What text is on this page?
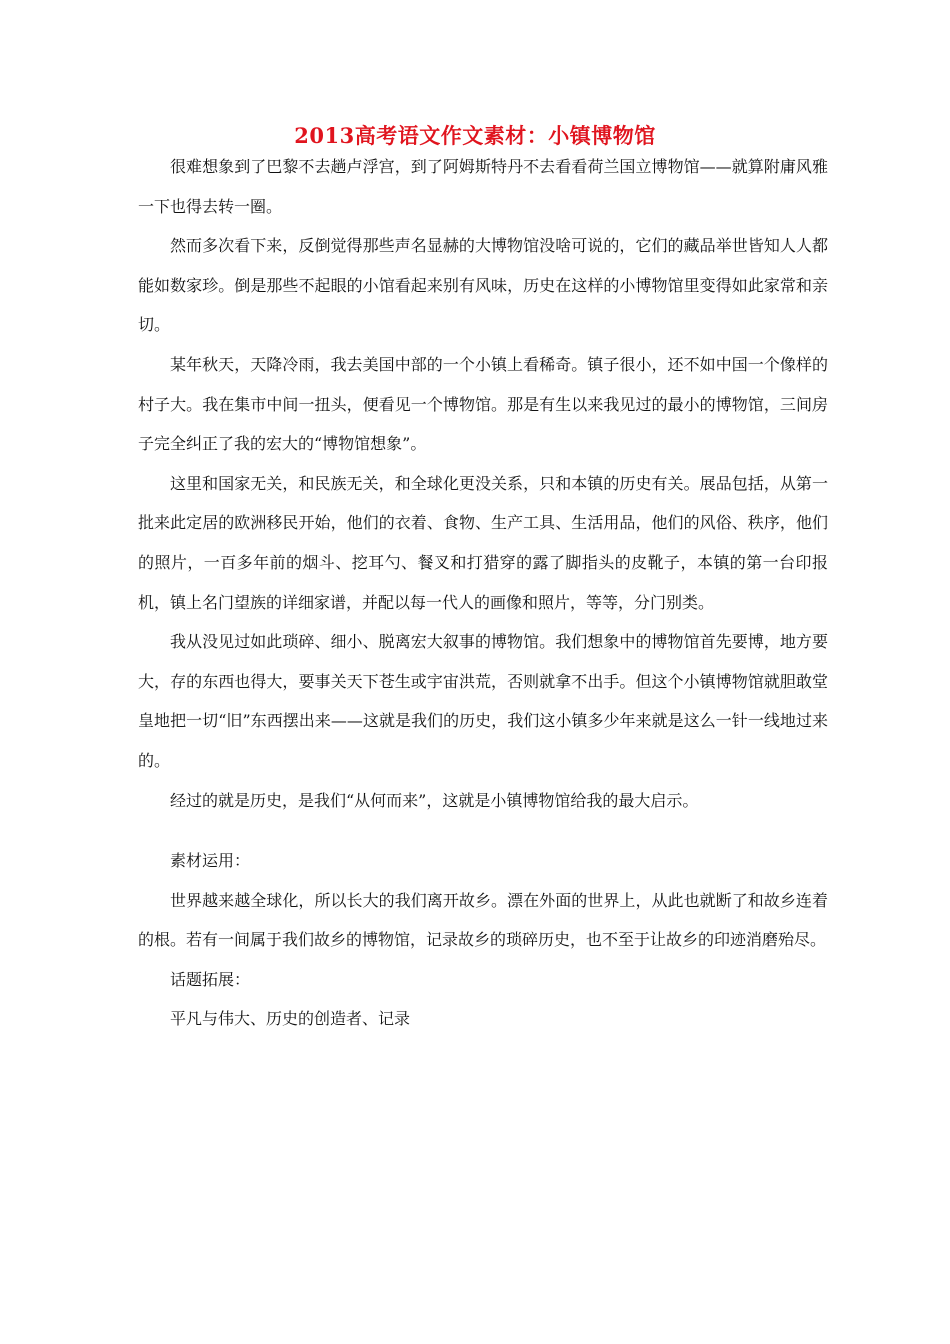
2013高考语文作文素材：小镇博物馆

很难想象到了巴黎不去趟卢浮宫，到了阿姆斯特丹不去看看荷兰国立博物馆——就算附庸风雅一下也得去转一圈。

然而多次看下来，反倒觉得那些声名显赫的大博物馆没啥可说的，它们的藏品举世皆知人人都能如数家珍。倒是那些不起眼的小馆看起来别有风味，历史在这样的小博物馆里变得如此家常和亲切。

某年秋天，天降冷雨，我去美国中部的一个小镇上看稀奇。镇子很小，还不如中国一个像样的村子大。我在集市中间一扭头，便看见一个博物馆。那是有生以来我见过的最小的博物馆，三间房子完全纠正了我的宏大的“博物馆想象”。

这里和国家无关，和民族无关，和全球化更没关系，只和本镇的历史有关。展品包括，从第一批来此定居的欧洲移民开始，他们的衣着、食物、生产工具、生活用品，他们的风俗、秩序，他们的照片，一百多年前的烟斗、挖耳勺、餐叉和打猎穿的露了脚指头的皮靴子，本镇的第一台印报机，镇上名门望族的详细家谱，并配以每一代人的画像和照片，等等，分门别类。

我从没见过如此琐碎、细小、脱离宏大叙事的博物馆。我们想象中的博物馆首先要博，地方要大，存的东西也得大，要事关天下苍生或宇宙洪荒，否则就拿不出手。但这个小镇博物馆就胆敢堂皇地把一切“旧”东西摆出来——这就是我们的历史，我们这小镇多少年来就是这么一针一线地过来的。

经过的就是历史，是我们“从何而来”，这就是小镇博物馆给我的最大启示。

素材运用：

世界越来越全球化，所以长大的我们离开故乡。漂在外面的世界上，从此也就断了和故乡连着的根。若有一间属于我们故乡的博物馆，记录故乡的琐碎历史，也不至于让故乡的印迹消磨殆尽。

话题拓展：

平凡与伟大、历史的创造者、记录
